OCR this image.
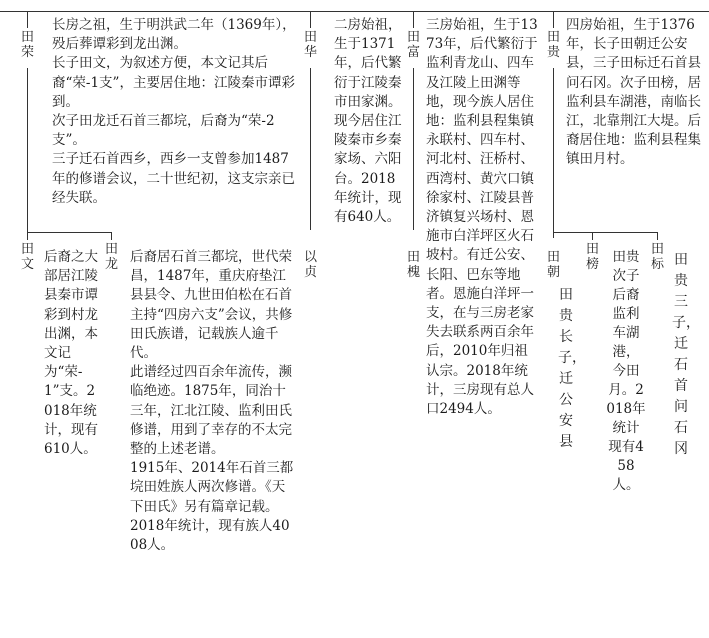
田荣
田华
田富
田贵
田文
田龙	以贞
田槐
田朝
田榜
田标

长房之祖，生于明洪武二年（1369年），殁后葬谭彩到龙出渊。

长子田文，为叙述方便，本文记其后裔“荣-1支”，主要居住地：江陵秦市谭彩到。

次子田龙迁石首三都垸，后裔为“荣-2支”。

三子迁石首西乡，西乡一支曾参加1487年的修谱会议，二十世纪初，这支宗亲已经失联。

二房始祖，生于1371年，后代繁衍于江陵秦市田家渊。现今居住江陵秦市乡秦家场、六阳台。2018年统计，现有640人。
三房始祖，生于1373年，后代繁衍于监利青龙山、四车及江陵上田渊等地，现今族人居住地：监利县程集镇永联村、四车村、河北村、汪桥村、西湾村、黄穴口镇徐家村、江陵县普济镇复兴场村、恩施市白洋坪区火石坡村。有迁公安、长阳、巴东等地者。恩施白洋坪一支，在与三房老家失去联系两百余年后，2010年归祖认宗。2018年统计，三房现有总人口2494人。
四房始祖，生于1376年，长子田朝迁公安县，三子田标迁石首县问石冈。次子田榜，居监利县车湖港，南临长江，北靠荆江大堤。后裔居住地：监利县程集镇田月村。
后裔之大部居江陵县秦市谭彩到村龙出渊，本文记为“荣-1”支。2018年统计，现有610人。

后裔居石首三都垸，世代荣昌，1487年，重庆府垫江县县令、九世田伯松在石首主持“四房六支”会议，共修田氏族谱，记载族人逾千代。

此谱经过四百余年流传，濒临绝迹。1875年，同治十三年，江北江陵、监利田氏修谱，用到了幸存的不太完整的上述老谱。

1915年、2014年石首三都垸田姓族人两次修谱。《天下田氏》另有篇章记载。

2018年统计，现有族人4008人。

田贵长子，迁公安县
田贵次子后裔监利车湖港，今田月。2018年统计现有458人。
田贵三子，迁石首问石冈
